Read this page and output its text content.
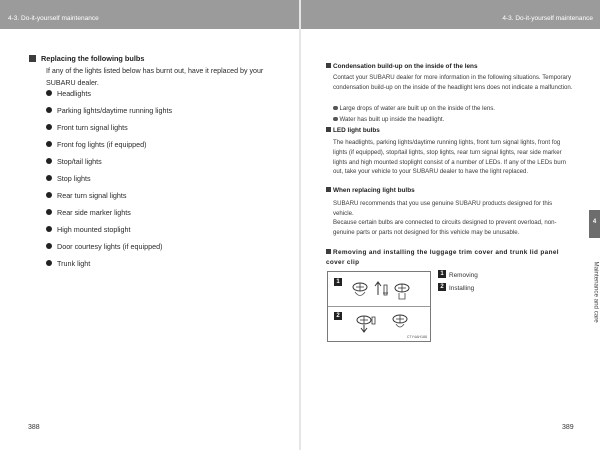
4-3. Do-it-yourself maintenance	4-3. Do-it-yourself maintenance
Replacing the following bulbs
If any of the lights listed below has burnt out, have it replaced by your SUBARU dealer.
Headlights
Parking lights/daytime running lights
Front turn signal lights
Front fog lights (if equipped)
Stop/tail lights
Stop lights
Rear turn signal lights
Rear side marker lights
High mounted stoplight
Door courtesy lights (if equipped)
Trunk light
388
Condensation build-up on the inside of the lens
Contact your SUBARU dealer for more information in the following situations. Temporary condensation build-up on the inside of the headlight lens does not indicate a malfunction.
Large drops of water are built up on the inside of the lens.
Water has built up inside the headlight.
LED light bulbs
The headlights, parking lights/daytime running lights, front turn signal lights, front fog lights (if equipped), stop/tail lights, stop lights, rear turn signal lights, rear side marker lights and high mounted stoplight consist of a number of LEDs. If any of the LEDs burn out, take your vehicle to your SUBARU dealer to have the light replaced.
When replacing light bulbs
SUBARU recommends that you use genuine SUBARU products designed for this vehicle.
Because certain bulbs are connected to circuits designed to prevent overload, non-genuine parts or parts not designed for this vehicle may be unusable.
Removing and installing the luggage trim cover and trunk lid panel cover clip
1
2
CTY4AH188
1 Removing
2 Installing
4
Maintenance and care
389
